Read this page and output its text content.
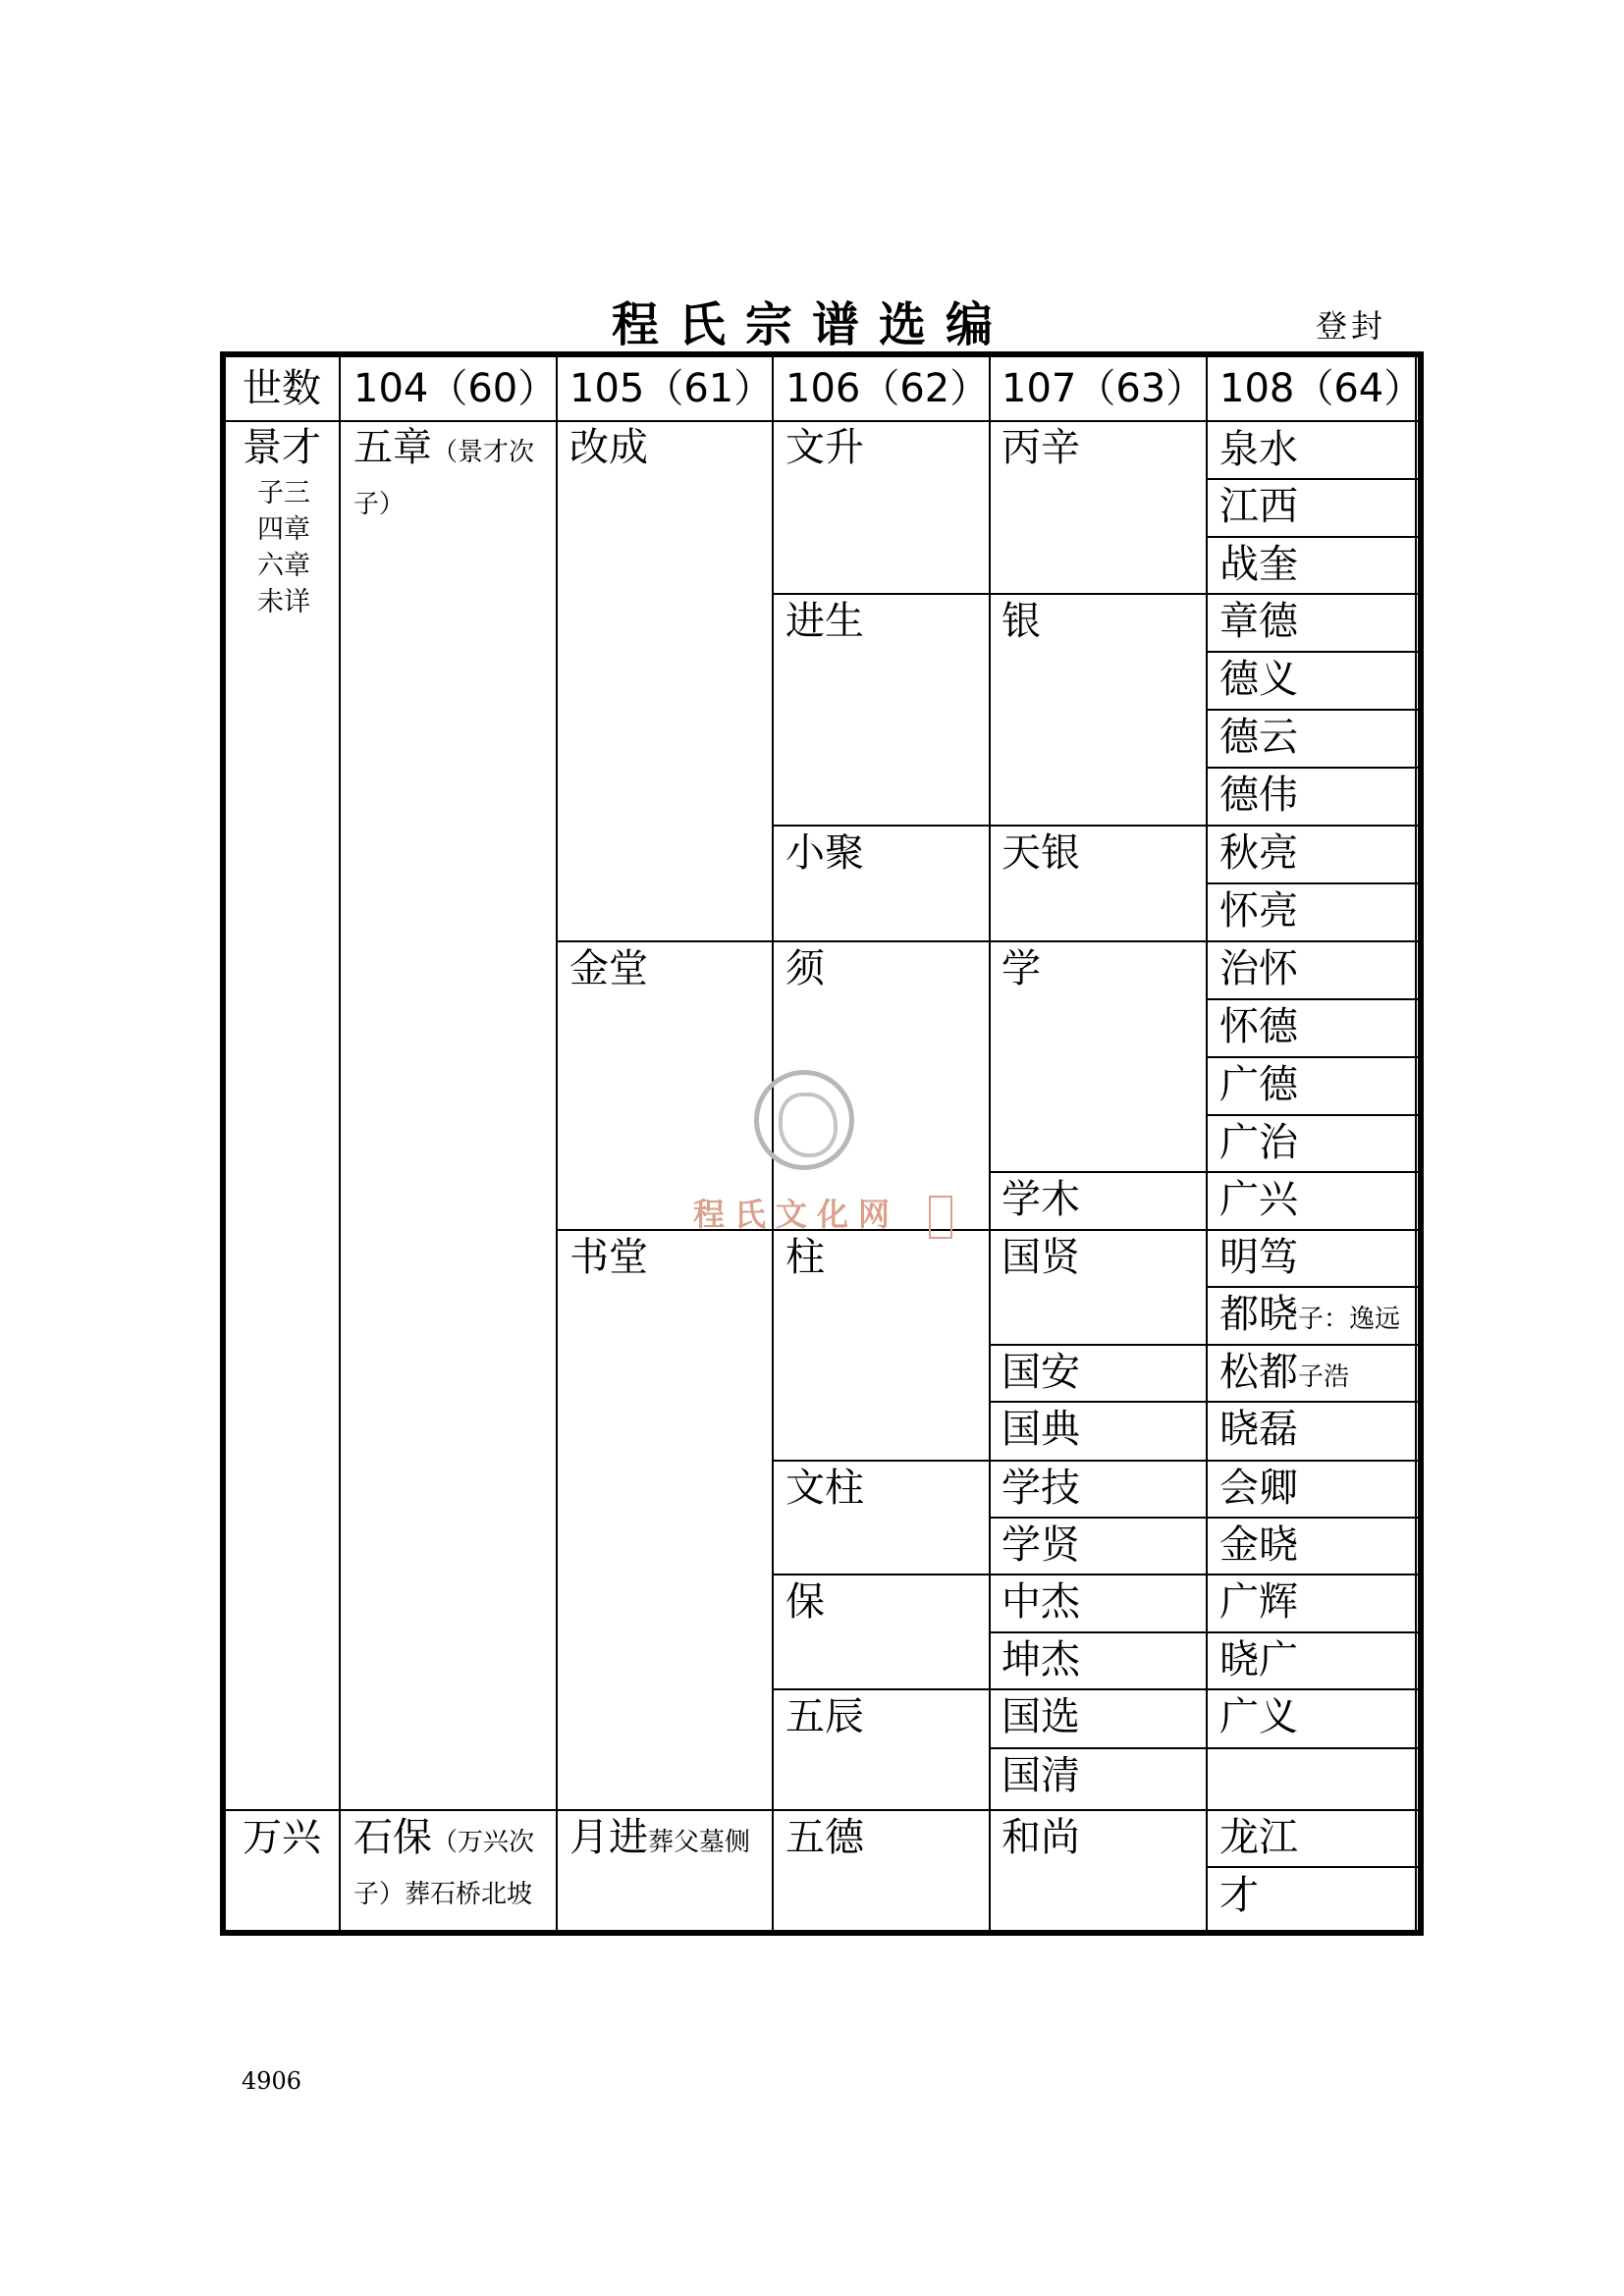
程氏宗谱选编	登封
世数 104（60） 105（61） 106（62） 107（63） 108（64）
景才
子三
四章
六章
未详
万兴
五章（景才次子）
石保（万兴次子）葬石桥北坡
改成
金堂
书堂
月进葬父墓侧
文升
进生
小聚
须
柱
文柱
保
五辰
五德
丙辛
银
天银
学
学木
国贤
国安
国典
学技
学贤
中杰
坤杰
国选
国清
和尚
泉水
江西
战奎
章德
德义
德云
德伟
秋亮
怀亮
治怀
怀德
广德
广治
广兴
明笃
都晓子：逸远
松都子浩
晓磊
会卿
金晓
广辉
晓广
广义
龙江
才
程氏文化网
4906
